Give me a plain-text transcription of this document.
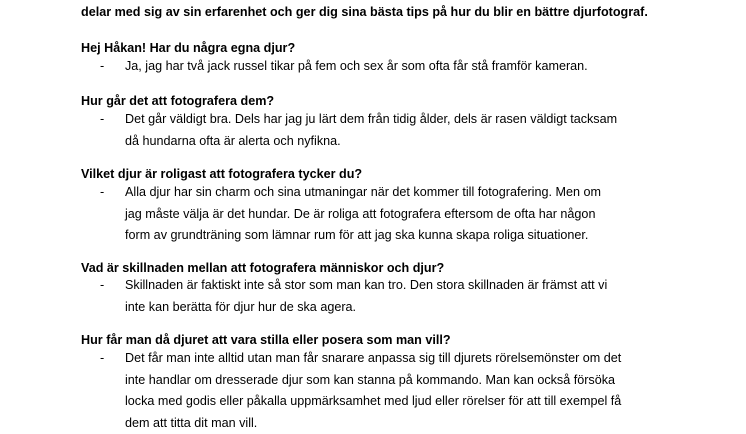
delar med sig av sin erfarenhet och ger dig sina bästa tips på hur du blir en bättre djurfotograf.
Hej Håkan! Har du några egna djur?
- Ja, jag har två jack russel tikar på fem och sex år som ofta får stå framför kameran.
Hur går det att fotografera dem?
- Det går väldigt bra. Dels har jag ju lärt dem från tidig ålder, dels är rasen väldigt tacksam
då hundarna ofta är alerta och nyfikna.
Vilket djur är roligast att fotografera tycker du?
- Alla djur har sin charm och sina utmaningar när det kommer till fotografering. Men om
jag måste välja är det hundar. De är roliga att fotografera eftersom de ofta har någon
form av grundträning som lämnar rum för att jag ska kunna skapa roliga situationer.
Vad är skillnaden mellan att fotografera människor och djur?
- Skillnaden är faktiskt inte så stor som man kan tro. Den stora skillnaden är främst att vi
inte kan berätta för djur hur de ska agera.
Hur får man då djuret att vara stilla eller posera som man vill?
- Det får man inte alltid utan man får snarare anpassa sig till djurets rörelsemönster om det
inte handlar om dresserade djur som kan stanna på kommando. Man kan också försöka
locka med godis eller påkalla uppmärksamhet med ljud eller rörelser för att till exempel få
dem att titta dit man vill.
